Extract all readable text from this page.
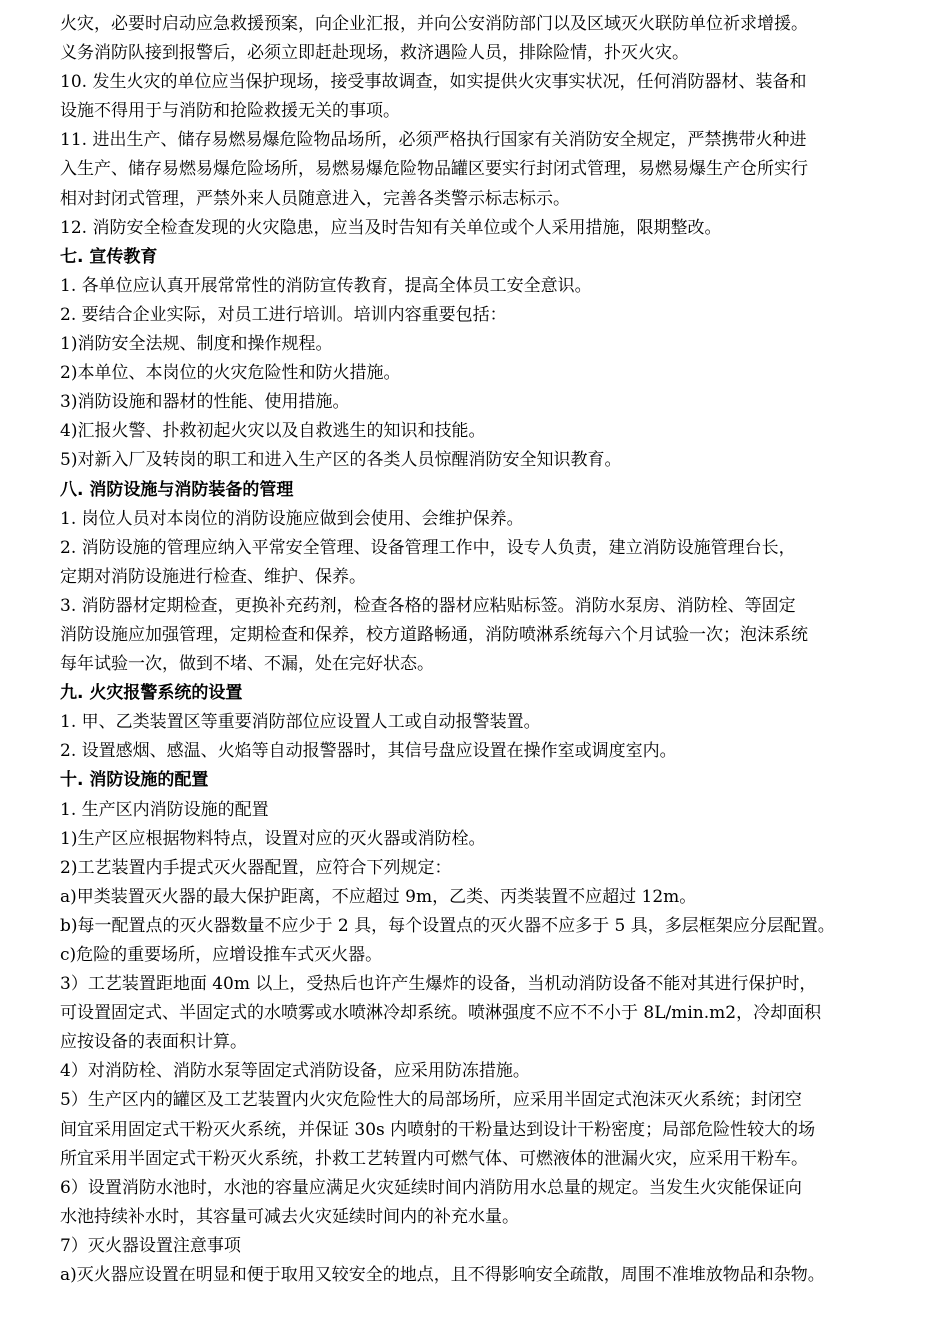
火灾，必要时启动应急救援预案，向企业汇报，并向公安消防部门以及区域灭火联防单位祈求增援。
义务消防队接到报警后，必须立即赶赴现场，救济遇险人员，排除险情，扑灭火灾。
10. 发生火灾的单位应当保护现场，接受事故调查，如实提供火灾事实状况，任何消防器材、装备和
设施不得用于与消防和抢险救援无关的事项。
11. 进出生产、储存易燃易爆危险物品场所，必须严格执行国家有关消防安全规定，严禁携带火种进
入生产、储存易燃易爆危险场所，易燃易爆危险物品罐区要实行封闭式管理，易燃易爆生产仓所实行
相对封闭式管理，严禁外来人员随意进入，完善各类警示标志标示。
12. 消防安全检查发现的火灾隐患，应当及时告知有关单位或个人采用措施，限期整改。
七. 宣传教育
1. 各单位应认真开展常常性的消防宣传教育，提高全体员工安全意识。
2. 要结合企业实际，对员工进行培训。培训内容重要包括：
1)消防安全法规、制度和操作规程。
2)本单位、本岗位的火灾危险性和防火措施。
3)消防设施和器材的性能、使用措施。
4)汇报火警、扑救初起火灾以及自救逃生的知识和技能。
5)对新入厂及转岗的职工和进入生产区的各类人员惊醒消防安全知识教育。
八. 消防设施与消防装备的管理
1. 岗位人员对本岗位的消防设施应做到会使用、会维护保养。
2. 消防设施的管理应纳入平常安全管理、设备管理工作中，设专人负责，建立消防设施管理台长，
定期对消防设施进行检查、维护、保养。
3. 消防器材定期检查，更换补充药剂，检查各格的器材应粘贴标签。消防水泵房、消防栓、等固定
消防设施应加强管理，定期检查和保养，校方道路畅通，消防喷淋系统每六个月试验一次；泡沫系统
每年试验一次，做到不堵、不漏，处在完好状态。
九. 火灾报警系统的设置
1. 甲、乙类装置区等重要消防部位应设置人工或自动报警装置。
2. 设置感烟、感温、火焰等自动报警器时，其信号盘应设置在操作室或调度室内。
十. 消防设施的配置
1. 生产区内消防设施的配置
1)生产区应根据物料特点，设置对应的灭火器或消防栓。
2)工艺装置内手提式灭火器配置，应符合下列规定：
a)甲类装置灭火器的最大保护距离，不应超过 9m，乙类、丙类装置不应超过 12m。
b)每一配置点的灭火器数量不应少于 2 具，每个设置点的灭火器不应多于 5 具，多层框架应分层配置。
c)危险的重要场所，应增设推车式灭火器。
3）工艺装置距地面 40m 以上，受热后也许产生爆炸的设备，当机动消防设备不能对其进行保护时，
可设置固定式、半固定式的水喷雾或水喷淋冷却系统。喷淋强度不应不不小于 8L/min.m2，冷却面积
应按设备的表面积计算。
4）对消防栓、消防水泵等固定式消防设备，应采用防冻措施。
5）生产区内的罐区及工艺装置内火灾危险性大的局部场所，应采用半固定式泡沫灭火系统；封闭空
间宜采用固定式干粉灭火系统，并保证 30s 内喷射的干粉量达到设计干粉密度；局部危险性较大的场
所宜采用半固定式干粉灭火系统，扑救工艺转置内可燃气体、可燃液体的泄漏火灾，应采用干粉车。
6）设置消防水池时，水池的容量应满足火灾延续时间内消防用水总量的规定。当发生火灾能保证向
水池持续补水时，其容量可减去火灾延续时间内的补充水量。
7）灭火器设置注意事项
a)灭火器应设置在明显和便于取用又较安全的地点，且不得影响安全疏散，周围不准堆放物品和杂物。
